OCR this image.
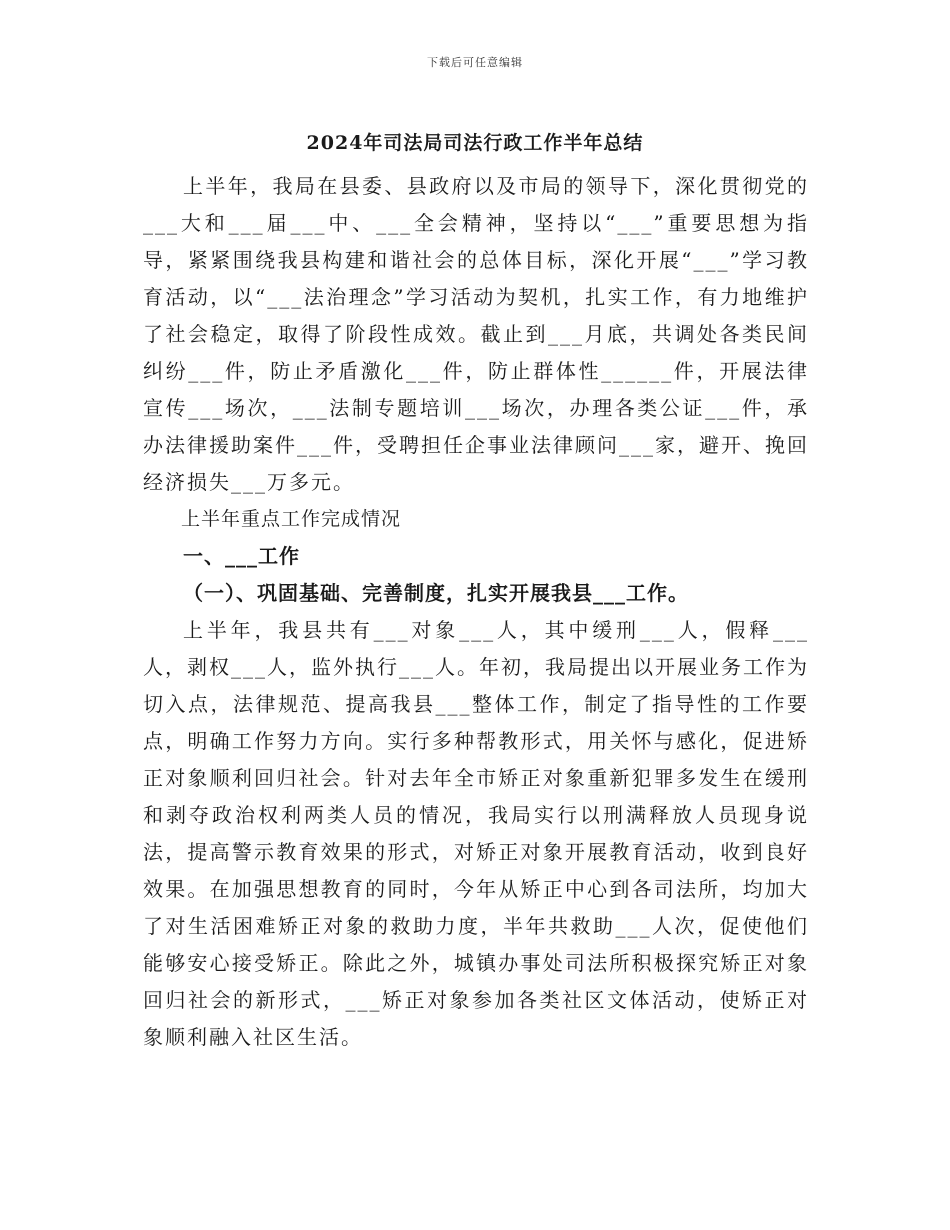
下载后可任意编辑
2024年司法局司法行政工作半年总结

上半年，我局在县委、县政府以及市局的领导下，深化贯彻党的___大和___届___中、___全会精神，坚持以“___”重要思想为指导，紧紧围绕我县构建和谐社会的总体目标，深化开展“___”学习教育活动，以“___法治理念”学习活动为契机，扎实工作，有力地维护了社会稳定，取得了阶段性成效。截止到___月底，共调处各类民间纠纷___件，防止矛盾激化___件，防止群体性______件，开展法律宣传___场次，___法制专题培训___场次，办理各类公证___件，承办法律援助案件___件，受聘担任企事业法律顾问___家，避开、挽回经济损失___万多元。

上半年重点工作完成情况

一、___工作

（一）、巩固基础、完善制度，扎实开展我县___工作。

上半年，我县共有___对象___人，其中缓刑___人，假释___人，剥权___人，监外执行___人。年初，我局提出以开展业务工作为切入点，法律规范、提高我县___整体工作，制定了指导性的工作要点，明确工作努力方向。实行多种帮教形式，用关怀与感化，促进矫正对象顺利回归社会。针对去年全市矫正对象重新犯罪多发生在缓刑和剥夺政治权利两类人员的情况，我局实行以刑满释放人员现身说法，提高警示教育效果的形式，对矫正对象开展教育活动，收到良好效果。在加强思想教育的同时，今年从矫正中心到各司法所，均加大了对生活困难矫正对象的救助力度，半年共救助___人次，促使他们能够安心接受矫正。除此之外，城镇办事处司法所积极探究矫正对象回归社会的新形式，___矫正对象参加各类社区文体活动，使矫正对象顺利融入社区生活。
